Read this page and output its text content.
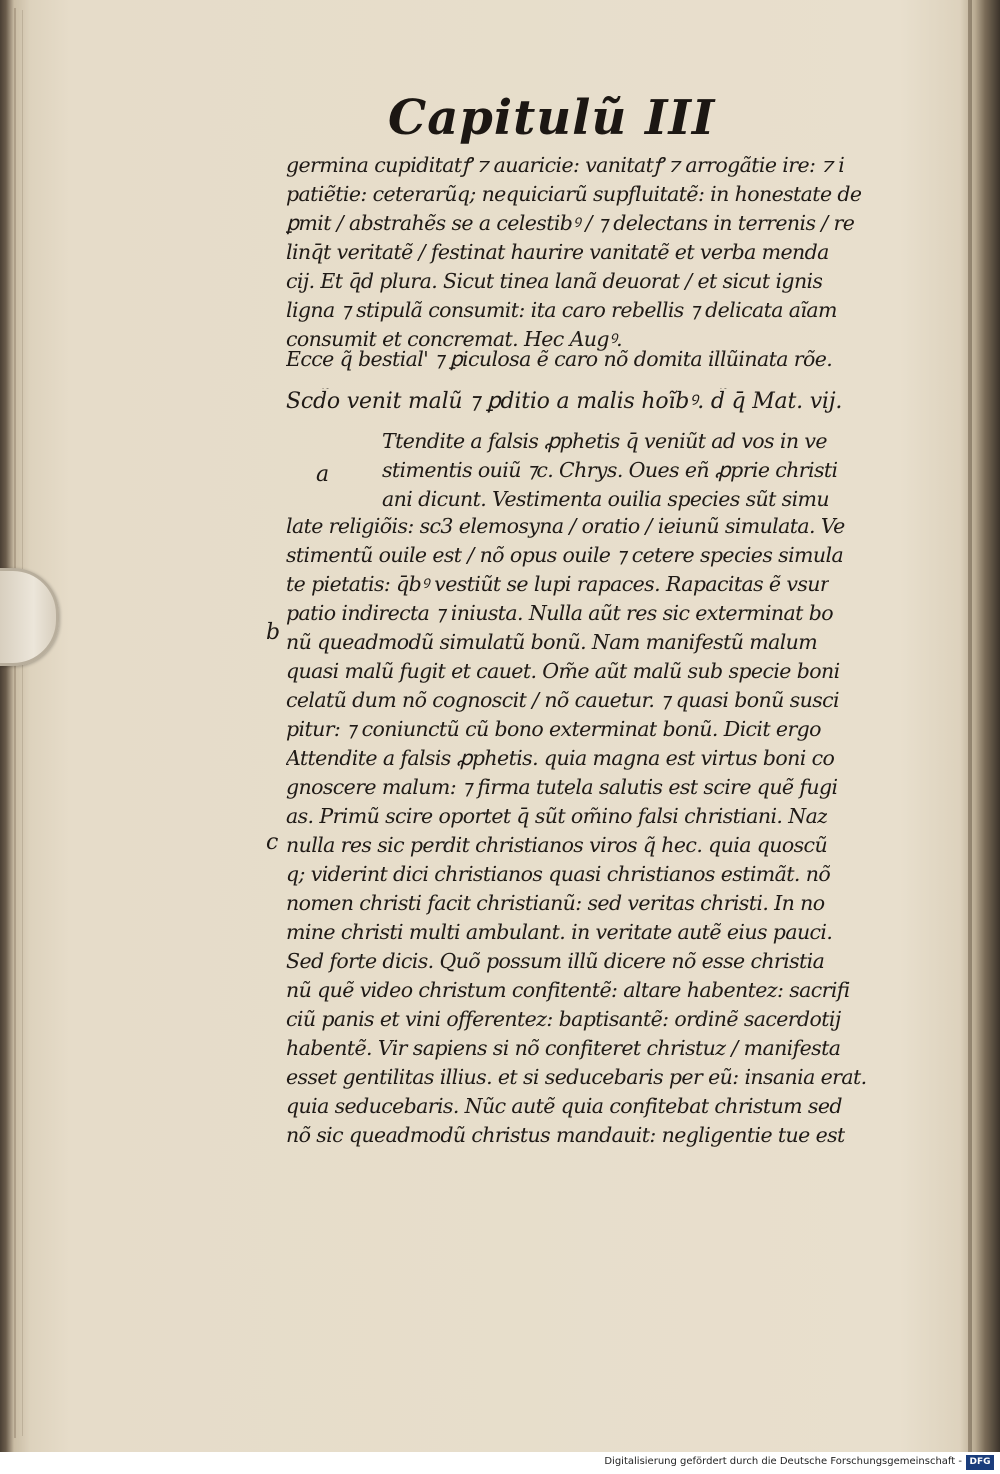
Capitulũ III
germina cupiditatꝭ ⁊ auaricie: vanitatꝭ ⁊ arrogãtie ire: ⁊ i
patiẽtie: ceterarũq; nequiciarũ supfluitatẽ: in honestate de
ꝑmit / abstrahẽs se a celestibꝰ / ⁊ delectans in terrenis / re
linq̄t veritatẽ / festinat haurire vanitatẽ et verba menda
cij. Et q̄d plura. Sicut tinea lanã deuorat / et sicut ignis
ligna ⁊ stipulã consumit: ita caro rebellis ⁊ delicata aĩam
consumit et concremat. Hec Augꝰ.
Ecce q̃ bestial' ⁊ ꝑiculosa ẽ caro nõ domita illũinata rõe.
Scd̃o venit malũ ⁊ ꝑditio a malis hoĩbꝰ. d̃ q̄ Mat. vij.
Ttendite a falsis ꝓphetis q̄ veniũt ad vos in ve
stimentis ouiũ ⁊c. Chrys. Oues eñ ꝓprie christi
ani dicunt. Vestimenta ouilia species sũt simu
late religiõis: sc3 elemosyna / oratio / ieiunũ simulata. Ve
stimentũ ouile est / nõ opus ouile ⁊ cetere species simula
te pietatis: q̄bꝰ vestiũt se lupi rapaces. Rapacitas ẽ vsur
patio indirecta ⁊ iniusta. Nulla aũt res sic exterminat bo
nũ queadmodũ simulatũ bonũ. Nam manifestũ malum
quasi malũ fugit et cauet. Om̃e aũt malũ sub specie boni
celatũ dum nõ cognoscit / nõ cauetur. ⁊ quasi bonũ susci
pitur: ⁊ coniunctũ cũ bono exterminat bonũ. Dicit ergo
Attendite a falsis ꝓphetis. quia magna est virtus boni co
gnoscere malum: ⁊ firma tutela salutis est scire quẽ fugi
as. Primũ scire oportet q̄ sũt om̃ino falsi christiani. Naz
nulla res sic perdit christianos viros q̃ hec. quia quoscũ
q; viderint dici christianos quasi christianos estimãt. nõ
nomen christi facit christianũ: sed veritas christi. In no
mine christi multi ambulant. in veritate autẽ eius pauci.
Sed forte dicis. Quõ possum illũ dicere nõ esse christia
nũ quẽ video christum confitentẽ: altare habentez: sacrifi
ciũ panis et vini offerentez: baptisantẽ: ordinẽ sacerdotij
habentẽ. Vir sapiens si nõ confiteret christuz / manifesta
esset gentilitas illius. et si seducebaris per eũ: insania erat.
quia seducebaris. Nũc autẽ quia confitebat christum sed
nõ sic queadmodũ christus mandauit: negligentie tue est
a
b
c
Digitalisierung gefördert durch die Deutsche Forschungsgemeinschaft - DFG
